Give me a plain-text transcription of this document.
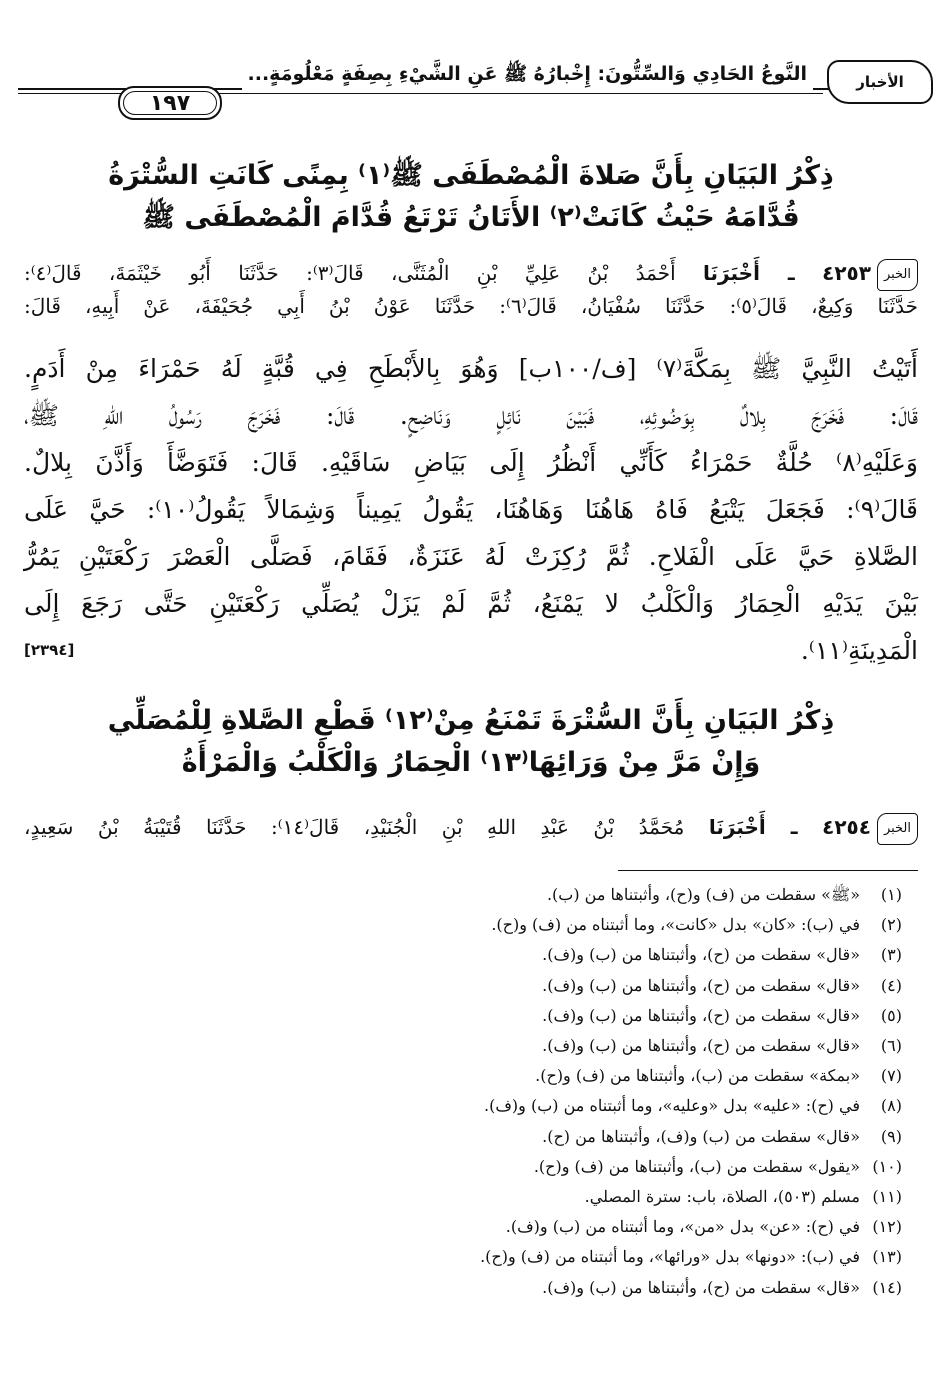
الأخبار
النَّوعُ الحَادِي وَالسِّتُّونَ: إِخْبارُهُ ﷺ عَنِ الشَّيْءِ بِصِفَةٍ مَعْلُومَةٍ...
١٩٧
ذِكْرُ البَيَانِ بِأَنَّ صَلاةَ الْمُصْطَفَى ﷺ⁽١⁾ بِمِنًى كَانَتِ السُّتْرَةُ
قُدَّامَهُ حَيْثُ كَانَتْ⁽٢⁾ الأَتَانُ تَرْتَعُ قُدَّامَ الْمُصْطَفَى ﷺ
الخبر٤٢٥٣ ـ أَخْبَرَنَا أَحْمَدُ بْنُ عَلِيِّ بْنِ الْمُثَنَّى، قَالَ⁽٣⁾: حَدَّثَنَا أَبُو خَيْثَمَةَ، قَالَ⁽٤⁾:
حَدَّثَنَا وَكِيعٌ، قَالَ⁽٥⁾: حَدَّثَنَا سُفْيَانُ، قَالَ⁽٦⁾: حَدَّثَنَا عَوْنُ بْنُ أَبِي جُحَيْفَةَ، عَنْ أَبِيهِ، قَالَ:
أَتَيْتُ النَّبِيَّ ﷺ بِمَكَّةَ⁽٧⁾ [ف/١٠٠ب] وَهُوَ بِالأَبْطَحِ فِي قُبَّةٍ لَهُ حَمْرَاءَ مِنْ أَدَمٍ.
قَالَ: فَخَرَجَ بِلالٌ بِوَضُوئِهِ، فَبَيْنَ نَائِلٍ وَنَاضِحٍ. قَالَ: فَخَرَجَ رَسُولُ اللهِ ﷺ،
وَعَلَيْهِ⁽٨⁾ حُلَّةٌ حَمْرَاءُ كَأَنِّي أَنْظُرُ إِلَى بَيَاضِ سَاقَيْهِ. قَالَ: فَتَوَضَّأَ وَأَذَّنَ بِلالٌ.
قَالَ⁽٩⁾: فَجَعَلَ يَتْبَعُ فَاهُ هَاهُنَا وَهَاهُنَا، يَقُولُ يَمِيناً وَشِمَالاً يَقُولُ⁽١٠⁾: حَيَّ عَلَى
الصَّلاةِ حَيَّ عَلَى الْفَلاحِ. ثُمَّ رُكِزَتْ لَهُ عَنَزَةٌ، فَقَامَ، فَصَلَّى الْعَصْرَ رَكْعَتَيْنِ يَمُرُّ
بَيْنَ يَدَيْهِ الْحِمَارُ وَالْكَلْبُ لا يَمْنَعُ، ثُمَّ لَمْ يَزَلْ يُصَلِّي رَكْعَتَيْنِ حَتَّى رَجَعَ إِلَى
الْمَدِينَةِ⁽١١⁾.
[٢٣٩٤]
ذِكْرُ البَيَانِ بِأَنَّ السُّتْرَةَ تَمْنَعُ مِنْ⁽١٢⁾ قَطْعِ الصَّلاةِ لِلْمُصَلِّي
وَإِنْ مَرَّ مِنْ وَرَائِهَا⁽١٣⁾ الْحِمَارُ وَالْكَلْبُ وَالْمَرْأَةُ
الخبر٤٢٥٤ ـ أَخْبَرَنَا مُحَمَّدُ بْنُ عَبْدِ اللهِ بْنِ الْجُنَيْدِ، قَالَ⁽١٤⁾: حَدَّثَنَا قُتَيْبَةُ بْنُ سَعِيدٍ،
(١)«ﷺ» سقطت من (ف) و(ح)، وأثبتناها من (ب).
(٢)في (ب): «كان» بدل «كانت»، وما أثبتناه من (ف) و(ح).
(٣)«قال» سقطت من (ح)، وأثبتناها من (ب) و(ف).
(٤)«قال» سقطت من (ح)، وأثبتناها من (ب) و(ف).
(٥)«قال» سقطت من (ح)، وأثبتناها من (ب) و(ف).
(٦)«قال» سقطت من (ح)، وأثبتناها من (ب) و(ف).
(٧)«بمكة» سقطت من (ب)، وأثبتناها من (ف) و(ح).
(٨)في (ح): «عليه» بدل «وعليه»، وما أثبتناه من (ب) و(ف).
(٩)«قال» سقطت من (ب) و(ف)، وأثبتناها من (ح).
(١٠)«يقول» سقطت من (ب)، وأثبتناها من (ف) و(ح).
(١١)مسلم (٥٠٣)، الصلاة، باب: سترة المصلي.
(١٢)في (ح): «عن» بدل «من»، وما أثبتناه من (ب) و(ف).
(١٣)في (ب): «دونها» بدل «ورائها»، وما أثبتناه من (ف) و(ح).
(١٤)«قال» سقطت من (ح)، وأثبتناها من (ب) و(ف).
